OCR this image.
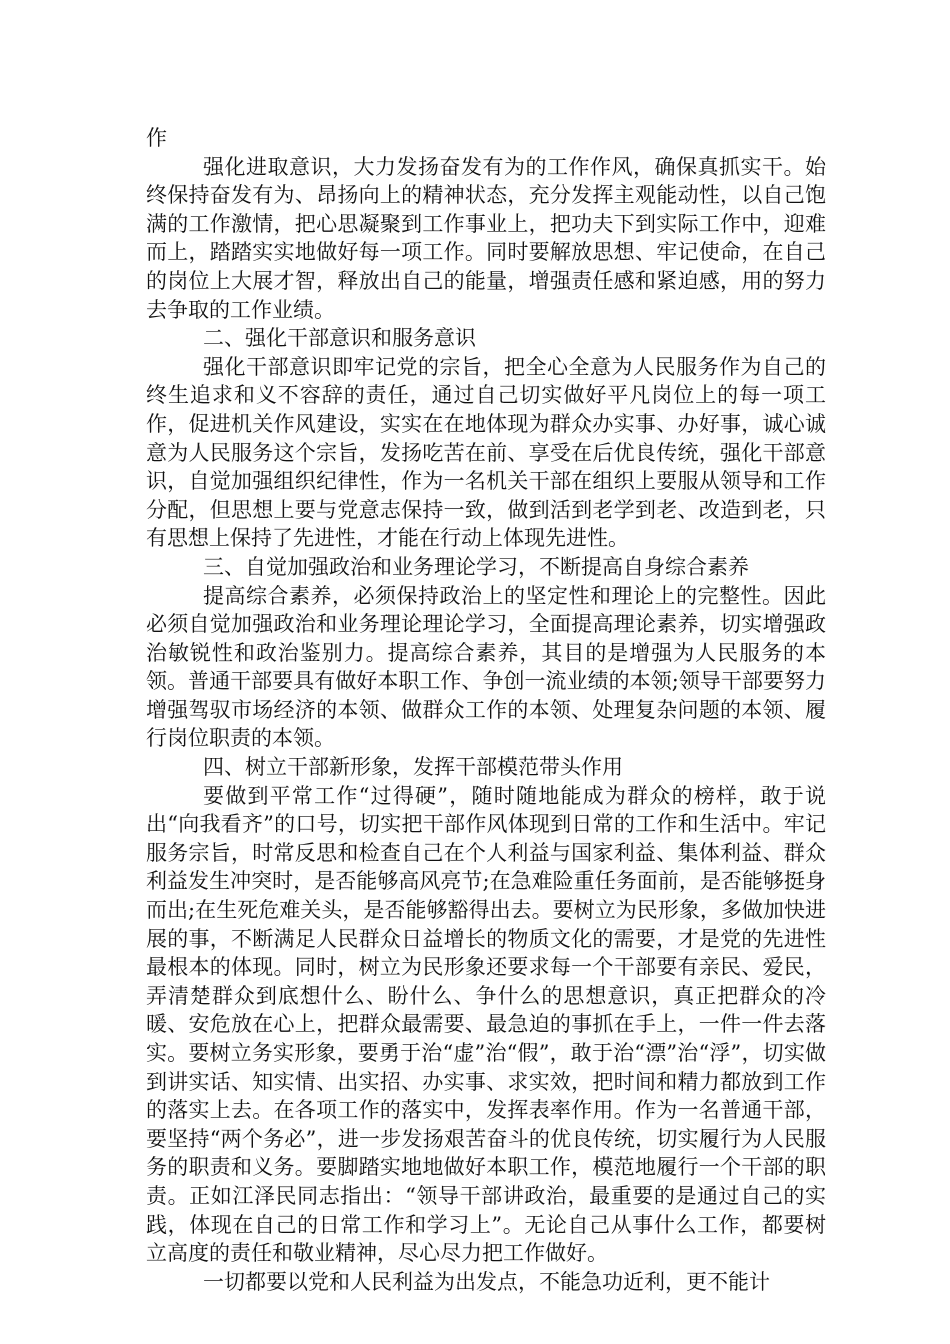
作

强化进取意识，大力发扬奋发有为的工作作风，确保真抓实干。始终保持奋发有为、昂扬向上的精神状态，充分发挥主观能动性，以自己饱满的工作激情，把心思凝聚到工作事业上，把功夫下到实际工作中，迎难而上，踏踏实实地做好每一项工作。同时要解放思想、牢记使命，在自己的岗位上大展才智，释放出自己的能量，增强责任感和紧迫感，用的努力去争取的工作业绩。

二、强化干部意识和服务意识

强化干部意识即牢记党的宗旨，把全心全意为人民服务作为自己的终生追求和义不容辞的责任，通过自己切实做好平凡岗位上的每一项工作，促进机关作风建设，实实在在地体现为群众办实事、办好事，诚心诚意为人民服务这个宗旨，发扬吃苦在前、享受在后优良传统，强化干部意识，自觉加强组织纪律性，作为一名机关干部在组织上要服从领导和工作分配，但思想上要与党意志保持一致，做到活到老学到老、改造到老，只有思想上保持了先进性，才能在行动上体现先进性。

三、自觉加强政治和业务理论学习，不断提高自身综合素养

提高综合素养，必须保持政治上的坚定性和理论上的完整性。因此必须自觉加强政治和业务理论理论学习，全面提高理论素养，切实增强政治敏锐性和政治鉴别力。提高综合素养，其目的是增强为人民服务的本领。普通干部要具有做好本职工作、争创一流业绩的本领;领导干部要努力增强驾驭市场经济的本领、做群众工作的本领、处理复杂问题的本领、履行岗位职责的本领。

四、树立干部新形象，发挥干部模范带头作用

要做到平常工作“过得硬”，随时随地能成为群众的榜样，敢于说出“向我看齐”的口号，切实把干部作风体现到日常的工作和生活中。牢记服务宗旨，时常反思和检查自己在个人利益与国家利益、集体利益、群众利益发生冲突时，是否能够高风亮节;在急难险重任务面前，是否能够挺身而出;在生死危难关头，是否能够豁得出去。要树立为民形象，多做加快进展的事，不断满足人民群众日益增长的物质文化的需要，才是党的先进性最根本的体现。同时，树立为民形象还要求每一个干部要有亲民、爱民，弄清楚群众到底想什么、盼什么、争什么的思想意识，真正把群众的冷暖、安危放在心上，把群众最需要、最急迫的事抓在手上，一件一件去落实。要树立务实形象，要勇于治“虚”治“假”，敢于治“漂”治“浮”，切实做到讲实话、知实情、出实招、办实事、求实效，把时间和精力都放到工作的落实上去。在各项工作的落实中，发挥表率作用。作为一名普通干部，要坚持“两个务必”，进一步发扬艰苦奋斗的优良传统，切实履行为人民服务的职责和义务。要脚踏实地地做好本职工作，模范地履行一个干部的职责。正如江泽民同志指出：“领导干部讲政治，最重要的是通过自己的实践，体现在自己的日常工作和学习上”。无论自己从事什么工作，都要树立高度的责任和敬业精神，尽心尽力把工作做好。

一切都要以党和人民利益为出发点，不能急功近利，更不能计
